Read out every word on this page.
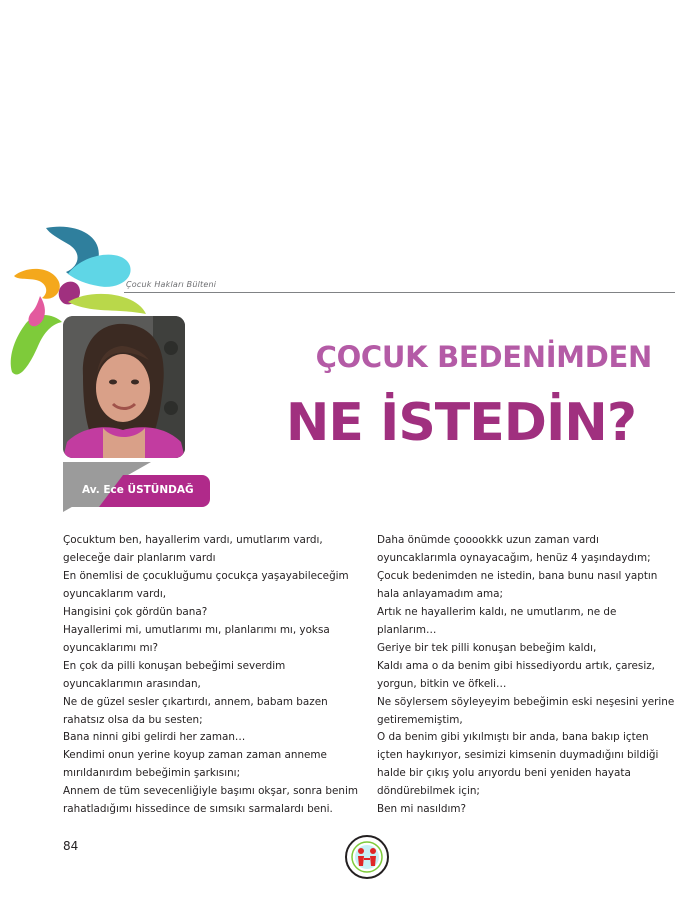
Çocuk Hakları Bülteni
Av. Ece ÜSTÜNDAĞ
ÇOCUK BEDENİMDEN
NE İSTEDİN?
Çocuktum ben, hayallerim vardı, umutlarım vardı,
geleceğe dair planlarım vardı
En önemlisi de çocukluğumu çocukça yaşayabileceğim
oyuncaklarım vardı,
Hangisini çok gördün bana?
Hayallerimi mi, umutlarımı mı, planlarımı mı, yoksa
oyuncaklarımı mı?
En çok da pilli konuşan bebeğimi severdim
oyuncaklarımın arasından,
Ne de güzel sesler çıkartırdı, annem, babam bazen
rahatsız olsa da bu sesten;
Bana ninni gibi gelirdi her zaman…
Kendimi onun yerine koyup zaman zaman anneme
mırıldanırdım bebeğimin şarkısını;
Annem de tüm sevecenliğiyle başımı okşar, sonra benim
rahatladığımı hissedince de sımsıkı sarmalardı beni.
Daha önümde çooookkk uzun zaman vardı
oyuncaklarımla oynayacağım, henüz 4 yaşındaydım;
Çocuk bedenimden ne istedin, bana bunu nasıl yaptın
hala anlayamadım ama;
Artık ne hayallerim kaldı, ne umutlarım, ne de
planlarım…
Geriye bir tek pilli konuşan bebeğim kaldı,
Kaldı ama o da benim gibi hissediyordu artık, çaresiz,
yorgun, bitkin ve öfkeli…
Ne söylersem söyleyeyim bebeğimin eski neşesini yerine
getirememiştim,
O da benim gibi yıkılmıştı bir anda, bana bakıp içten
içten haykırıyor, sesimizi kimsenin duymadığını bildiği
halde bir çıkış yolu arıyordu beni yeniden hayata
döndürebilmek için;
Ben mi nasıldım?
84
